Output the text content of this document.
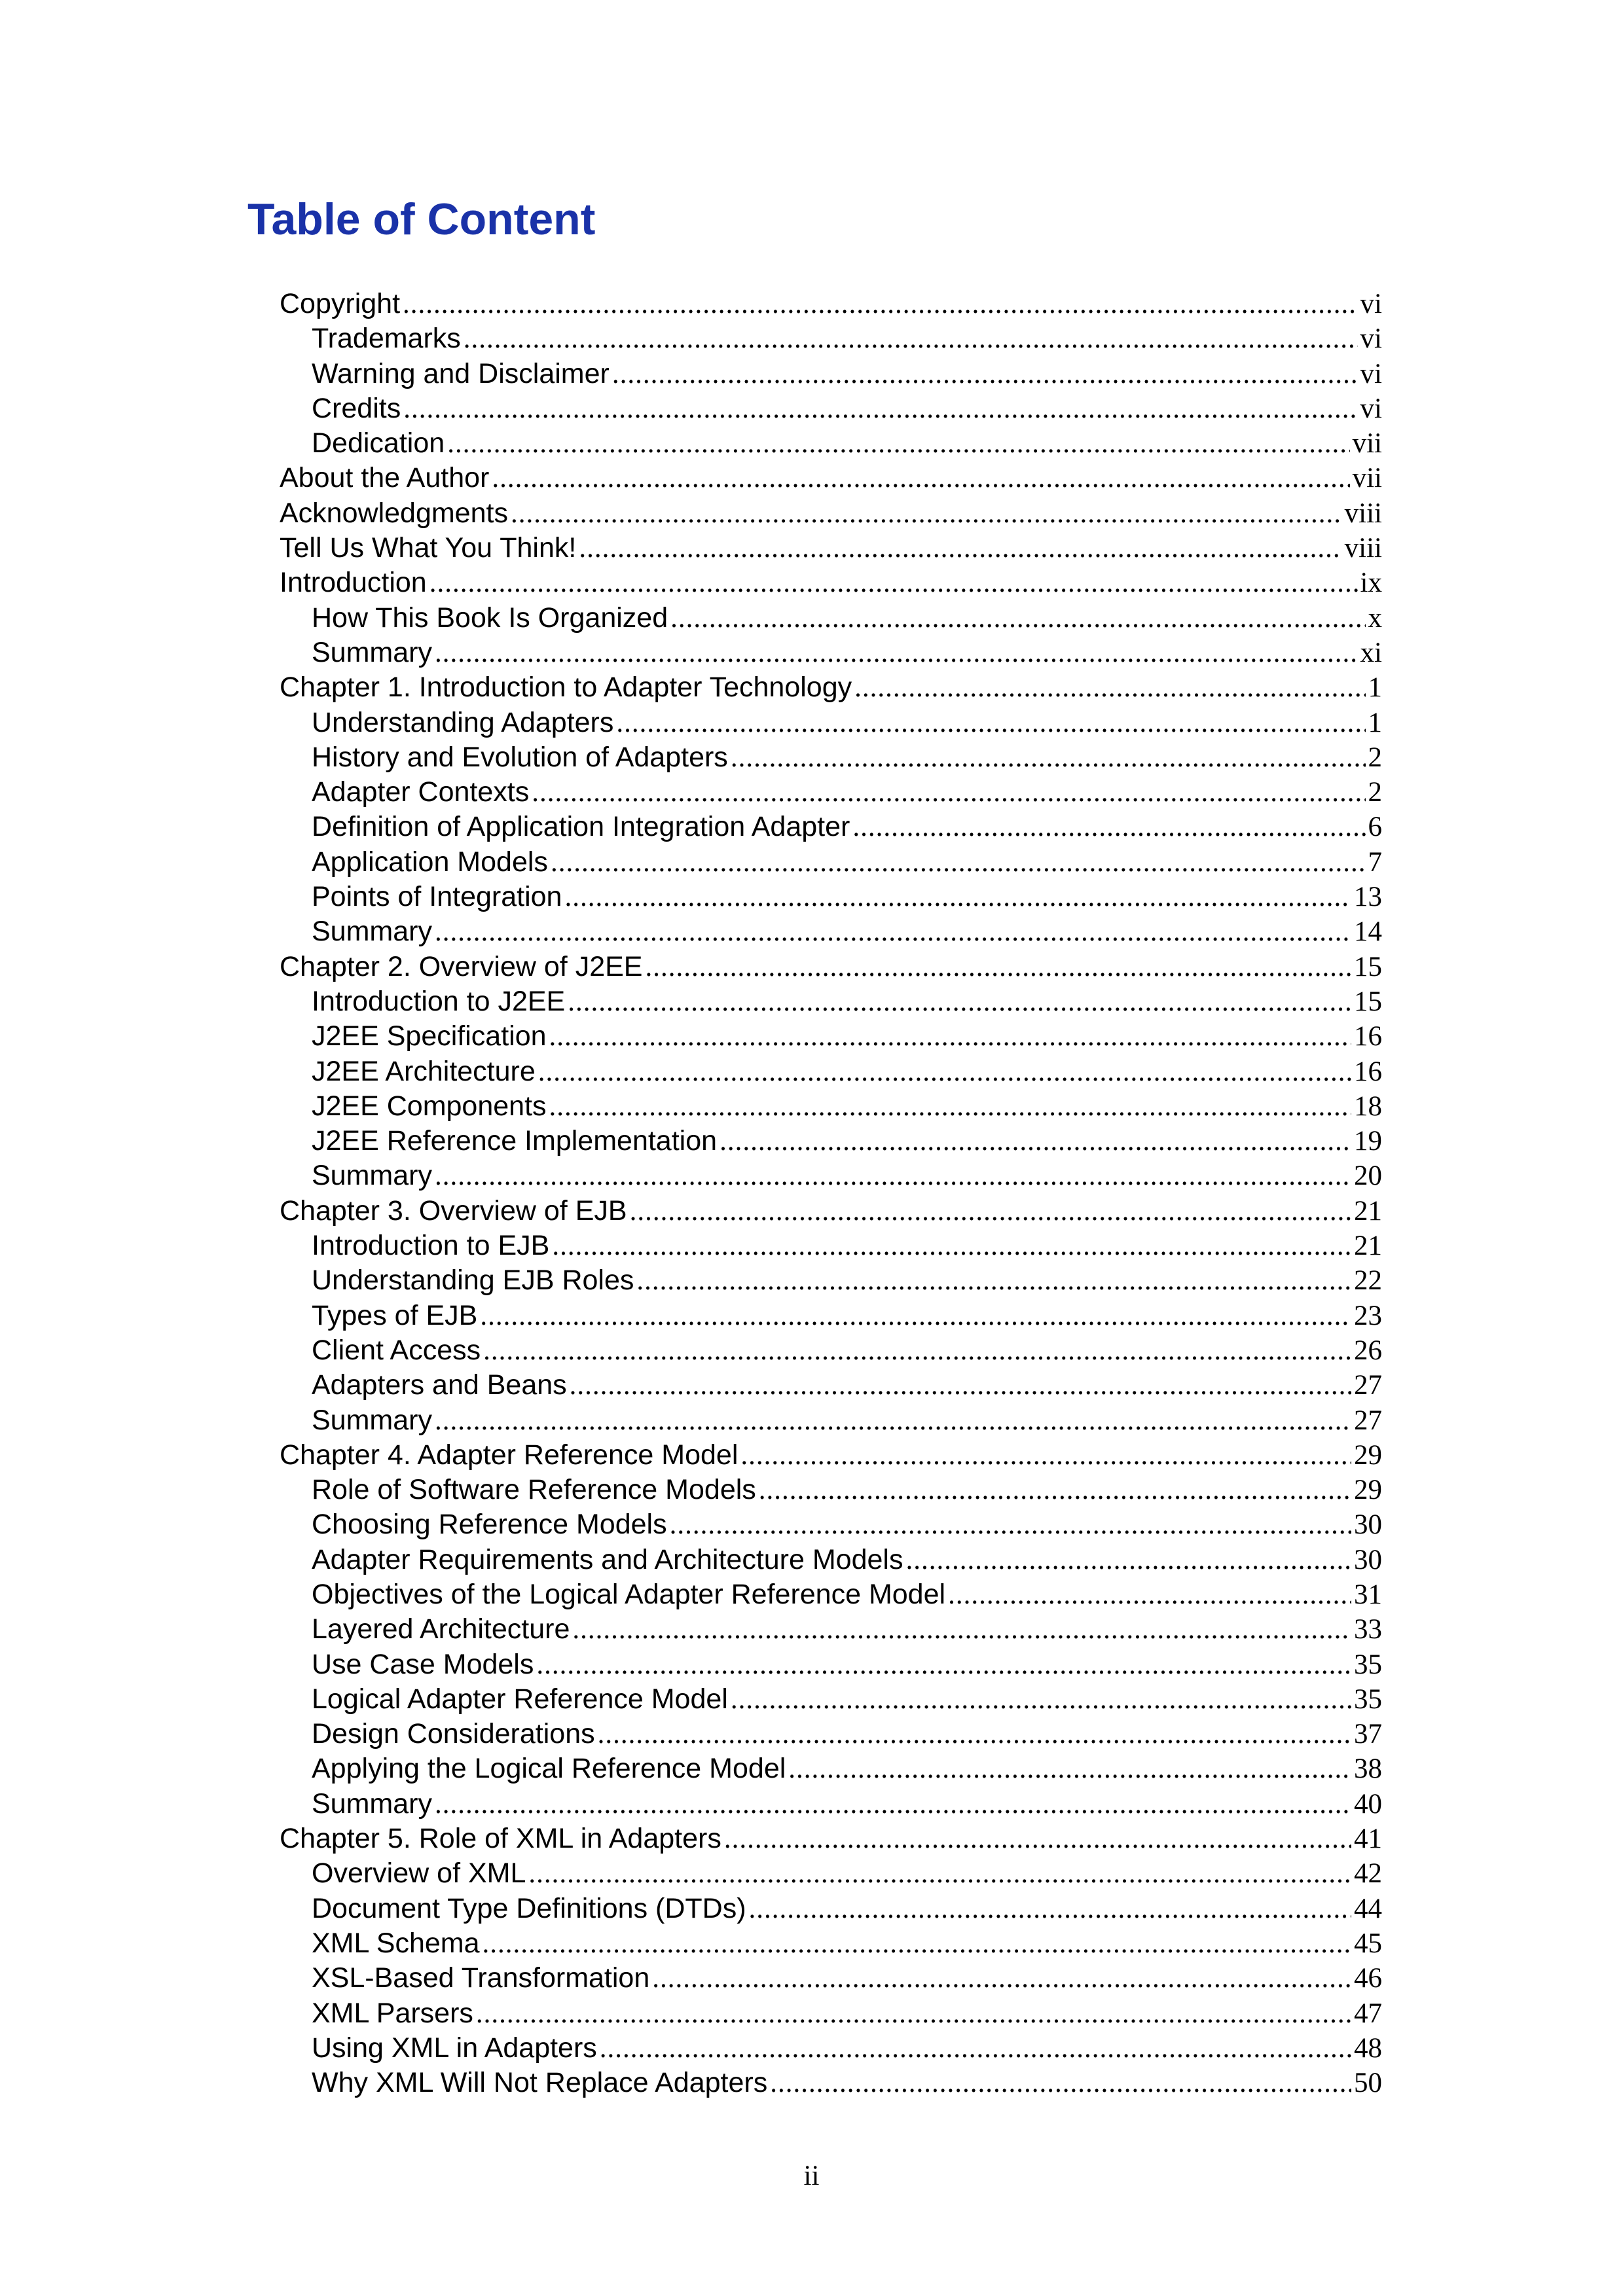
Table of Content
Copyright .....	vi
Trademarks .....	vi
Warning and Disclaimer .....	vi
Credits .....	vi
Dedication .....	vii
About the Author .....	vii
Acknowledgments .....	viii
Tell Us What You Think! .....	viii
Introduction .....	ix
How This Book Is Organized .....	x
Summary .....	xi
Chapter 1. Introduction to Adapter Technology .....	1
Understanding Adapters .....	1
History and Evolution of Adapters .....	2
Adapter Contexts .....	2
Definition of Application Integration Adapter .....	6
Application Models .....	7
Points of Integration .....	13
Summary .....	14
Chapter 2. Overview of J2EE .....	15
Introduction to J2EE .....	15
J2EE Specification .....	16
J2EE Architecture .....	16
J2EE Components .....	18
J2EE Reference Implementation .....	19
Summary .....	20
Chapter 3. Overview of EJB .....	21
Introduction to EJB .....	21
Understanding EJB Roles .....	22
Types of EJB .....	23
Client Access .....	26
Adapters and Beans .....	27
Summary .....	27
Chapter 4. Adapter Reference Model .....	29
Role of Software Reference Models .....	29
Choosing Reference Models .....	30
Adapter Requirements and Architecture Models .....	30
Objectives of the Logical Adapter Reference Model .....	31
Layered Architecture .....	33
Use Case Models .....	35
Logical Adapter Reference Model .....	35
Design Considerations .....	37
Applying the Logical Reference Model .....	38
Summary .....	40
Chapter 5. Role of XML in Adapters .....	41
Overview of XML .....	42
Document Type Definitions (DTDs) .....	44
XML Schema .....	45
XSL-Based Transformation .....	46
XML Parsers .....	47
Using XML in Adapters .....	48
Why XML Will Not Replace Adapters .....	50
ii
